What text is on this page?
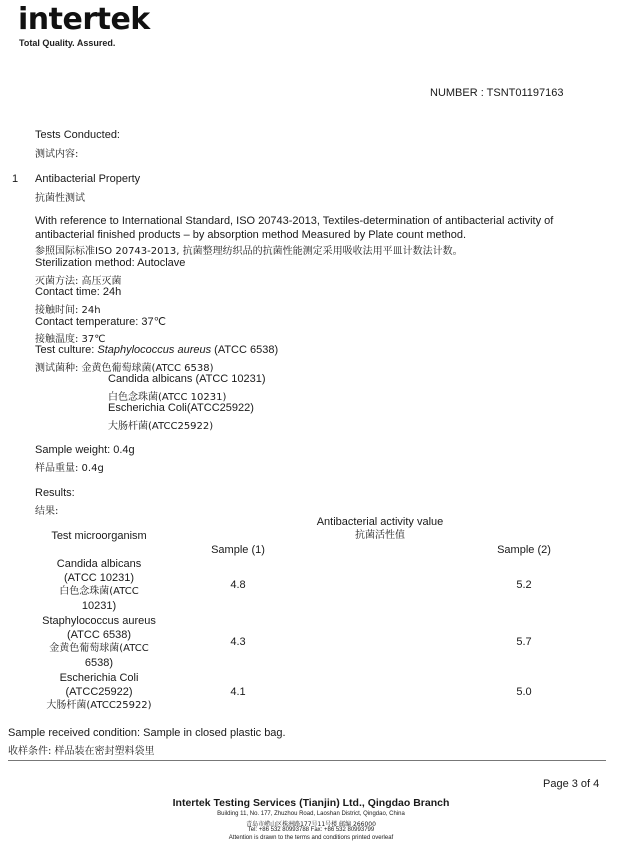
intertek
Total Quality. Assured.
NUMBER : TSNT01197163
Tests Conducted:
测试内容:
1 Antibacterial Property
抗菌性测试
With reference to International Standard, ISO 20743-2013, Textiles-determination of antibacterial activity of
antibacterial finished products – by absorption method Measured by Plate count method.
参照国际标准ISO 20743-2013, 抗菌整理纺织品的抗菌性能测定采用吸收法用平皿计数法计数。
Sterilization method: Autoclave
灭菌方法: 高压灭菌
Contact time: 24h
接触时间: 24h
Contact temperature: 37℃
接触温度: 37℃
Test culture: Staphylococcus aureus (ATCC 6538)
测试菌种: 金黄色葡萄球菌(ATCC 6538)
Candida albicans (ATCC 10231)
白色念珠菌(ATCC 10231)
Escherichia Coli(ATCC25922)
大肠杆菌(ATCC25922)
Sample weight: 0.4g
样品重量: 0.4g
Results:
结果:
Test microorganism
Antibacterial activity value
抗菌活性值
Sample (1)	Sample (2)
Candida albicans
(ATCC 10231)
白色念珠菌(ATCC
10231)
4.8	5.2
Staphylococcus aureus
(ATCC 6538)
金黄色葡萄球菌(ATCC
6538)
4.3	5.7
Escherichia Coli
(ATCC25922)
大肠杆菌(ATCC25922)
4.1	5.0
Sample received condition: Sample in closed plastic bag.
收样条件: 样品装在密封塑料袋里
Page 3 of 4
Intertek Testing Services (Tianjin) Ltd., Qingdao Branch
Building 11, No. 177, Zhuzhou Road, Laoshan District, Qingdao, China
青岛市崂山区株洲路177号11号楼 邮编 266000
Tel: +86 532 80993788 Fax: +86 532 80993799
Attention is drawn to the terms and conditions printed overleaf
